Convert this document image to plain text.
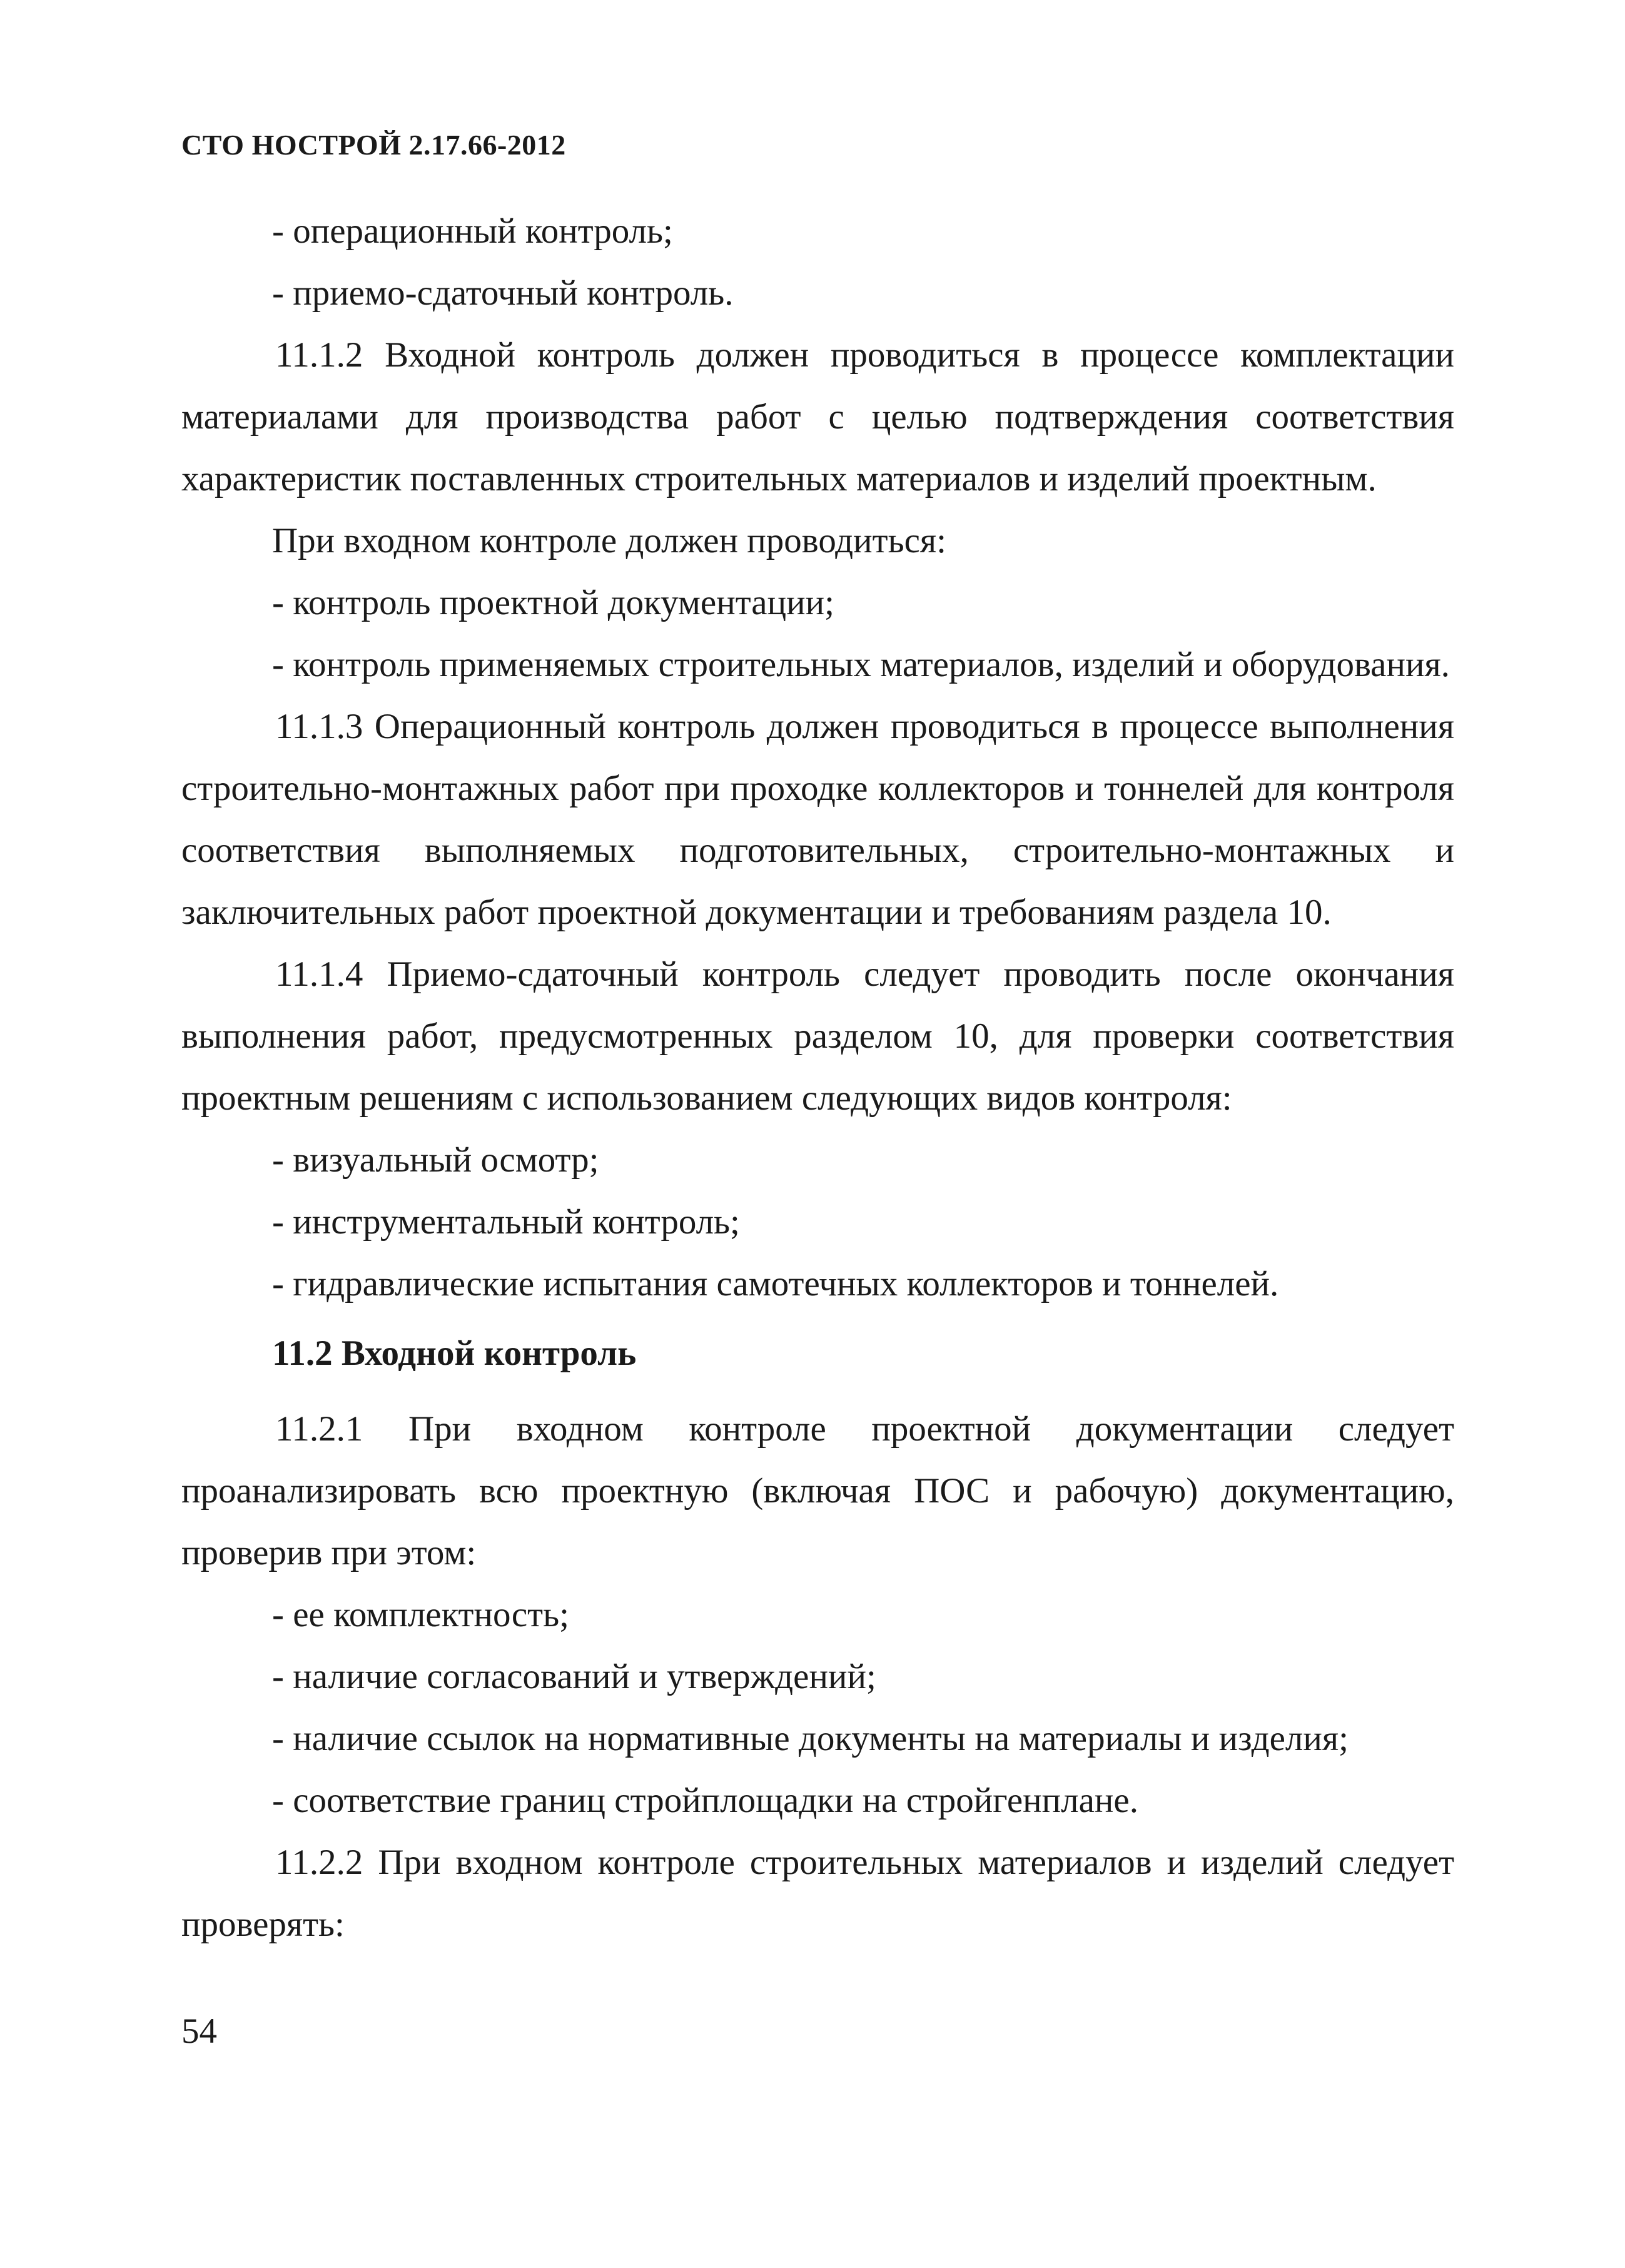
СТО НОСТРОЙ 2.17.66-2012

- операционный контроль;

- приемо-сдаточный контроль.

11.1.2 Входной контроль должен проводиться в процессе комплектации материалами для производства работ с целью подтверждения соответствия характеристик поставленных строительных материалов и изделий проектным.

При входном контроле должен проводиться:

- контроль проектной документации;

- контроль применяемых строительных материалов, изделий и оборудования.

11.1.3 Операционный контроль должен проводиться в процессе выполнения строительно-монтажных работ при проходке коллекторов и тоннелей для контроля соответствия выполняемых подготовительных, строительно-монтажных и заключительных работ проектной документации и требованиям раздела 10.

11.1.4 Приемо-сдаточный контроль следует проводить после окончания выполнения работ, предусмотренных разделом 10, для проверки соответствия проектным решениям с использованием следующих видов контроля:

- визуальный осмотр;

- инструментальный контроль;

- гидравлические испытания самотечных коллекторов и тоннелей.

11.2 Входной контроль

11.2.1 При входном контроле проектной документации следует проанализировать всю проектную (включая ПОС и рабочую) документацию, проверив при этом:

- ее комплектность;

- наличие согласований и утверждений;

- наличие ссылок на нормативные документы на материалы и изделия;

- соответствие границ стройплощадки на стройгенплане.

11.2.2 При входном контроле строительных материалов и изделий следует проверять:

54
